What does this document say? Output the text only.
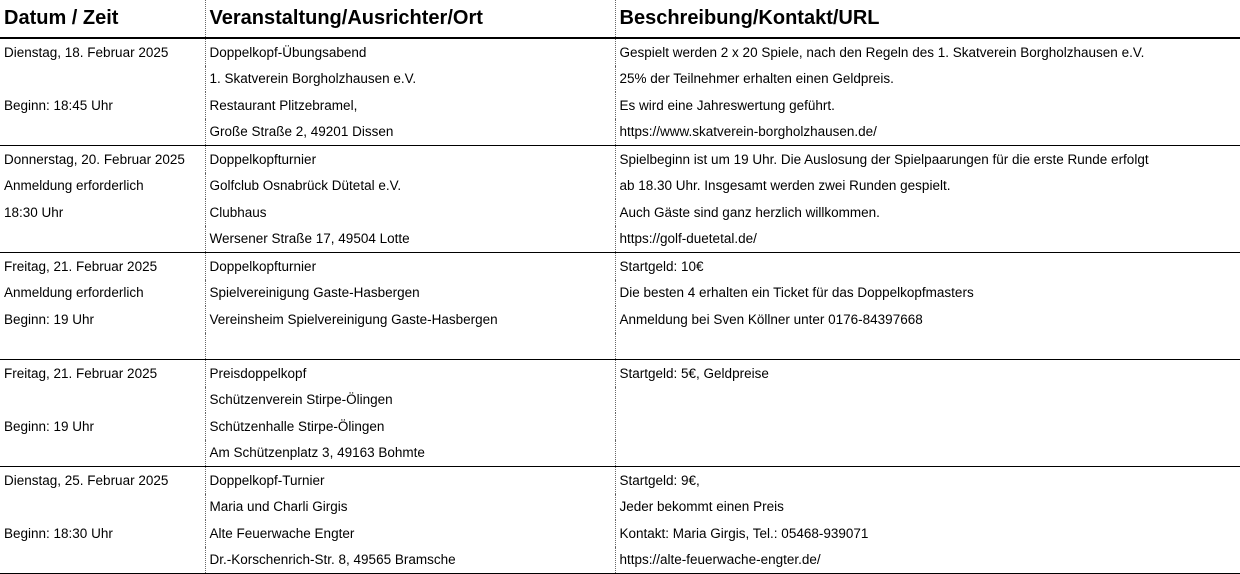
Datum / Zeit	Veranstaltung/Ausrichter/Ort	Beschreibung/Kontakt/URL
Dienstag, 18. Februar 2025	Doppelkopf-Übungsabend	Gespielt werden 2 x 20 Spiele, nach den Regeln des 1. Skatverein Borgholzhausen e.V.
	1. Skatverein Borgholzhausen e.V.	25% der Teilnehmer erhalten einen Geldpreis.
Beginn: 18:45 Uhr	Restaurant Plitzebramel,	Es wird eine Jahreswertung geführt.
	Große Straße 2, 49201 Dissen	https://www.skatverein-borgholzhausen.de/
Donnerstag, 20. Februar 2025	Doppelkopfturnier	Spielbeginn ist um 19 Uhr. Die Auslosung der Spielpaarungen für die erste Runde erfolgt
Anmeldung erforderlich	Golfclub Osnabrück Dütetal e.V.	ab 18.30 Uhr. Insgesamt werden zwei Runden gespielt.
18:30 Uhr	Clubhaus	Auch Gäste sind ganz herzlich willkommen.
	Wersener Straße 17, 49504 Lotte	https://golf-duetetal.de/
Freitag, 21. Februar 2025	Doppelkopfturnier	Startgeld: 10€
Anmeldung erforderlich	Spielvereinigung Gaste-Hasbergen	Die besten 4 erhalten ein Ticket für das Doppelkopfmasters
Beginn: 19 Uhr	Vereinsheim Spielvereinigung Gaste-Hasbergen	Anmeldung bei Sven Köllner unter 0176-84397668

Freitag, 21. Februar 2025	Preisdoppelkopf	Startgeld: 5€, Geldpreise
	Schützenverein Stirpe-Ölingen	
Beginn: 19 Uhr	Schützenhalle Stirpe-Ölingen	
	Am Schützenplatz 3, 49163 Bohmte	
Dienstag, 25. Februar 2025	Doppelkopf-Turnier	Startgeld: 9€,
	Maria und Charli Girgis	Jeder bekommt einen Preis
Beginn: 18:30 Uhr	Alte Feuerwache Engter	Kontakt: Maria Girgis, Tel.: 05468-939071
	Dr.-Korschenrich-Str. 8, 49565 Bramsche	https://alte-feuerwache-engter.de/
